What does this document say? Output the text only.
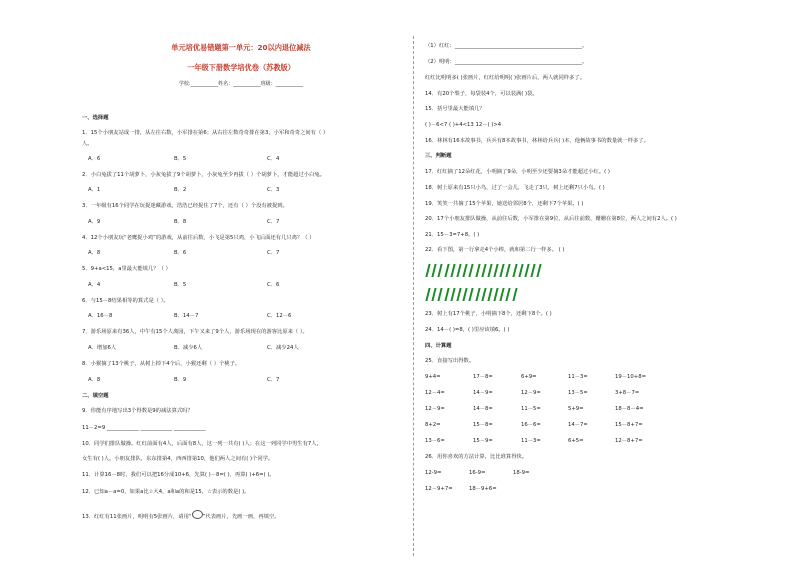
单元培优易错题第一单元：20以内退位减法
一年级下册数学培优卷（苏教版）
学校:___________姓名：___________班级：___________
一、选择题
1．15个小朋友站成一排，从左往右数，小军排在第6；从右往左数奇奇排在第3，小军和奇奇之间有（ ）
人。
A．6	B．5	C．4
2．小白兔拔了11个胡萝卜，小灰兔拔了9个胡萝卜，小灰兔至少再拔（ ）个胡萝卜，才能超过小白兔。
A．1	B．2	C．3
3．一年级有16个同学在玩捉迷藏游戏，浩浩已经捉住了7个，还有（ ）个没有被捉到。
A．9	B．8	C．7
4．12个小朋友玩“老鹰捉小鸡”的游戏，从前往后数，小飞是第5只鸡，小飞后面还有几只鸡？（ ）
A．8	B．6	C．7
5．9+a<15，a里最大能填几？（ ）
A．4	B．5	C．6
6．与15－8结果相等的算式是（ ）。
A．16－8	B．14－7	C．12－6
7．游乐场原来有36人，中午有15个人离园，下午又来了9个人，游乐场现在的游客比原来（ ）。
A．增加6人	B．减少6人	C．减少24人
8．小猴摘了13个桃子，从树上掉下4个后，小猴还剩（ ）个桃子。
A．8	B．9	C．7
二、填空题
9．你能有序地写出3个得数是9的减法算式吗？
11－2=9 ____________ ____________ ____________
10．同学们排队做操。红红前面有4人，后面有8人，这一列一共有( )人；在这一列同学中男生有7人，
女生有( )人。小朋友排队，东东排第4，西西排第10，他们两人之间有( )个同学。
11．计算16－8时，我们可以把16分成10+6，先算( )－8=( )，再算( )+6=( )。
12．已知a－a=0，如果a比☆大4，a和a的和是15，☆表示的数是( )。
13．红红有11张画片，明明有5张画片，请用“ ”代表画片，先画一画，再填空。
（1）红红：________________________________________________。
（2）明明：________________________________________________。
红红比明明多( )张画片，红红给明明( )张画片后，两人就同样多了。
14．有20个梨子，每袋装4个，可以装满( )袋。
15．括号里最大能填几？
( )－6<7 ( )+4<13 12－( )>4
16．林林有16本故事书，兵兵有8本故事书，林林给兵兵( )本，他俩故事书的数量就一样多了。
三、判断题
17．红红摘了12朵红花，小明摘了9朵，小明至少还要摘3朵才能超过小红。( )
18．树上原来有15只小鸟，过了一会儿，飞走了3只，树上还剩7只小鸟。( )
19．笑笑一共摘了15个苹果，她送给邻居8个，还剩下7个苹果。( )
20．17个小朋友排队做操，从前往后数，小军排在第9位，从后往前数，姗姗在第8位，两人之间有2人。( )
21．15－3=7+8。( )
22．看下图，第一行拿走4个小棒，就和第二行一样多。 ( )
23．树上有17个桃子，小明摘下8个，还剩下8个。( )
24．14－( )=8，( )里应该填6。( )
四、计算题
25．直接写出得数。
9+4=	17－8=	6+9=	11－3=	19－10+8=
12－4=	14－9=	12－9=	13－5=	3+8－7=
12－9=	14－8=	11－5=	5+9=	18－8－4=
8+2=	15－8=	16－6=	14－7=	15－8+7=
13－6=	15－9=	11－3=	6+5=	12－8+7=
26．用你喜欢的方法计算，比比谁算得快。
12-9=	16-9=	18-9=
12－9+7=	18－9+6=
